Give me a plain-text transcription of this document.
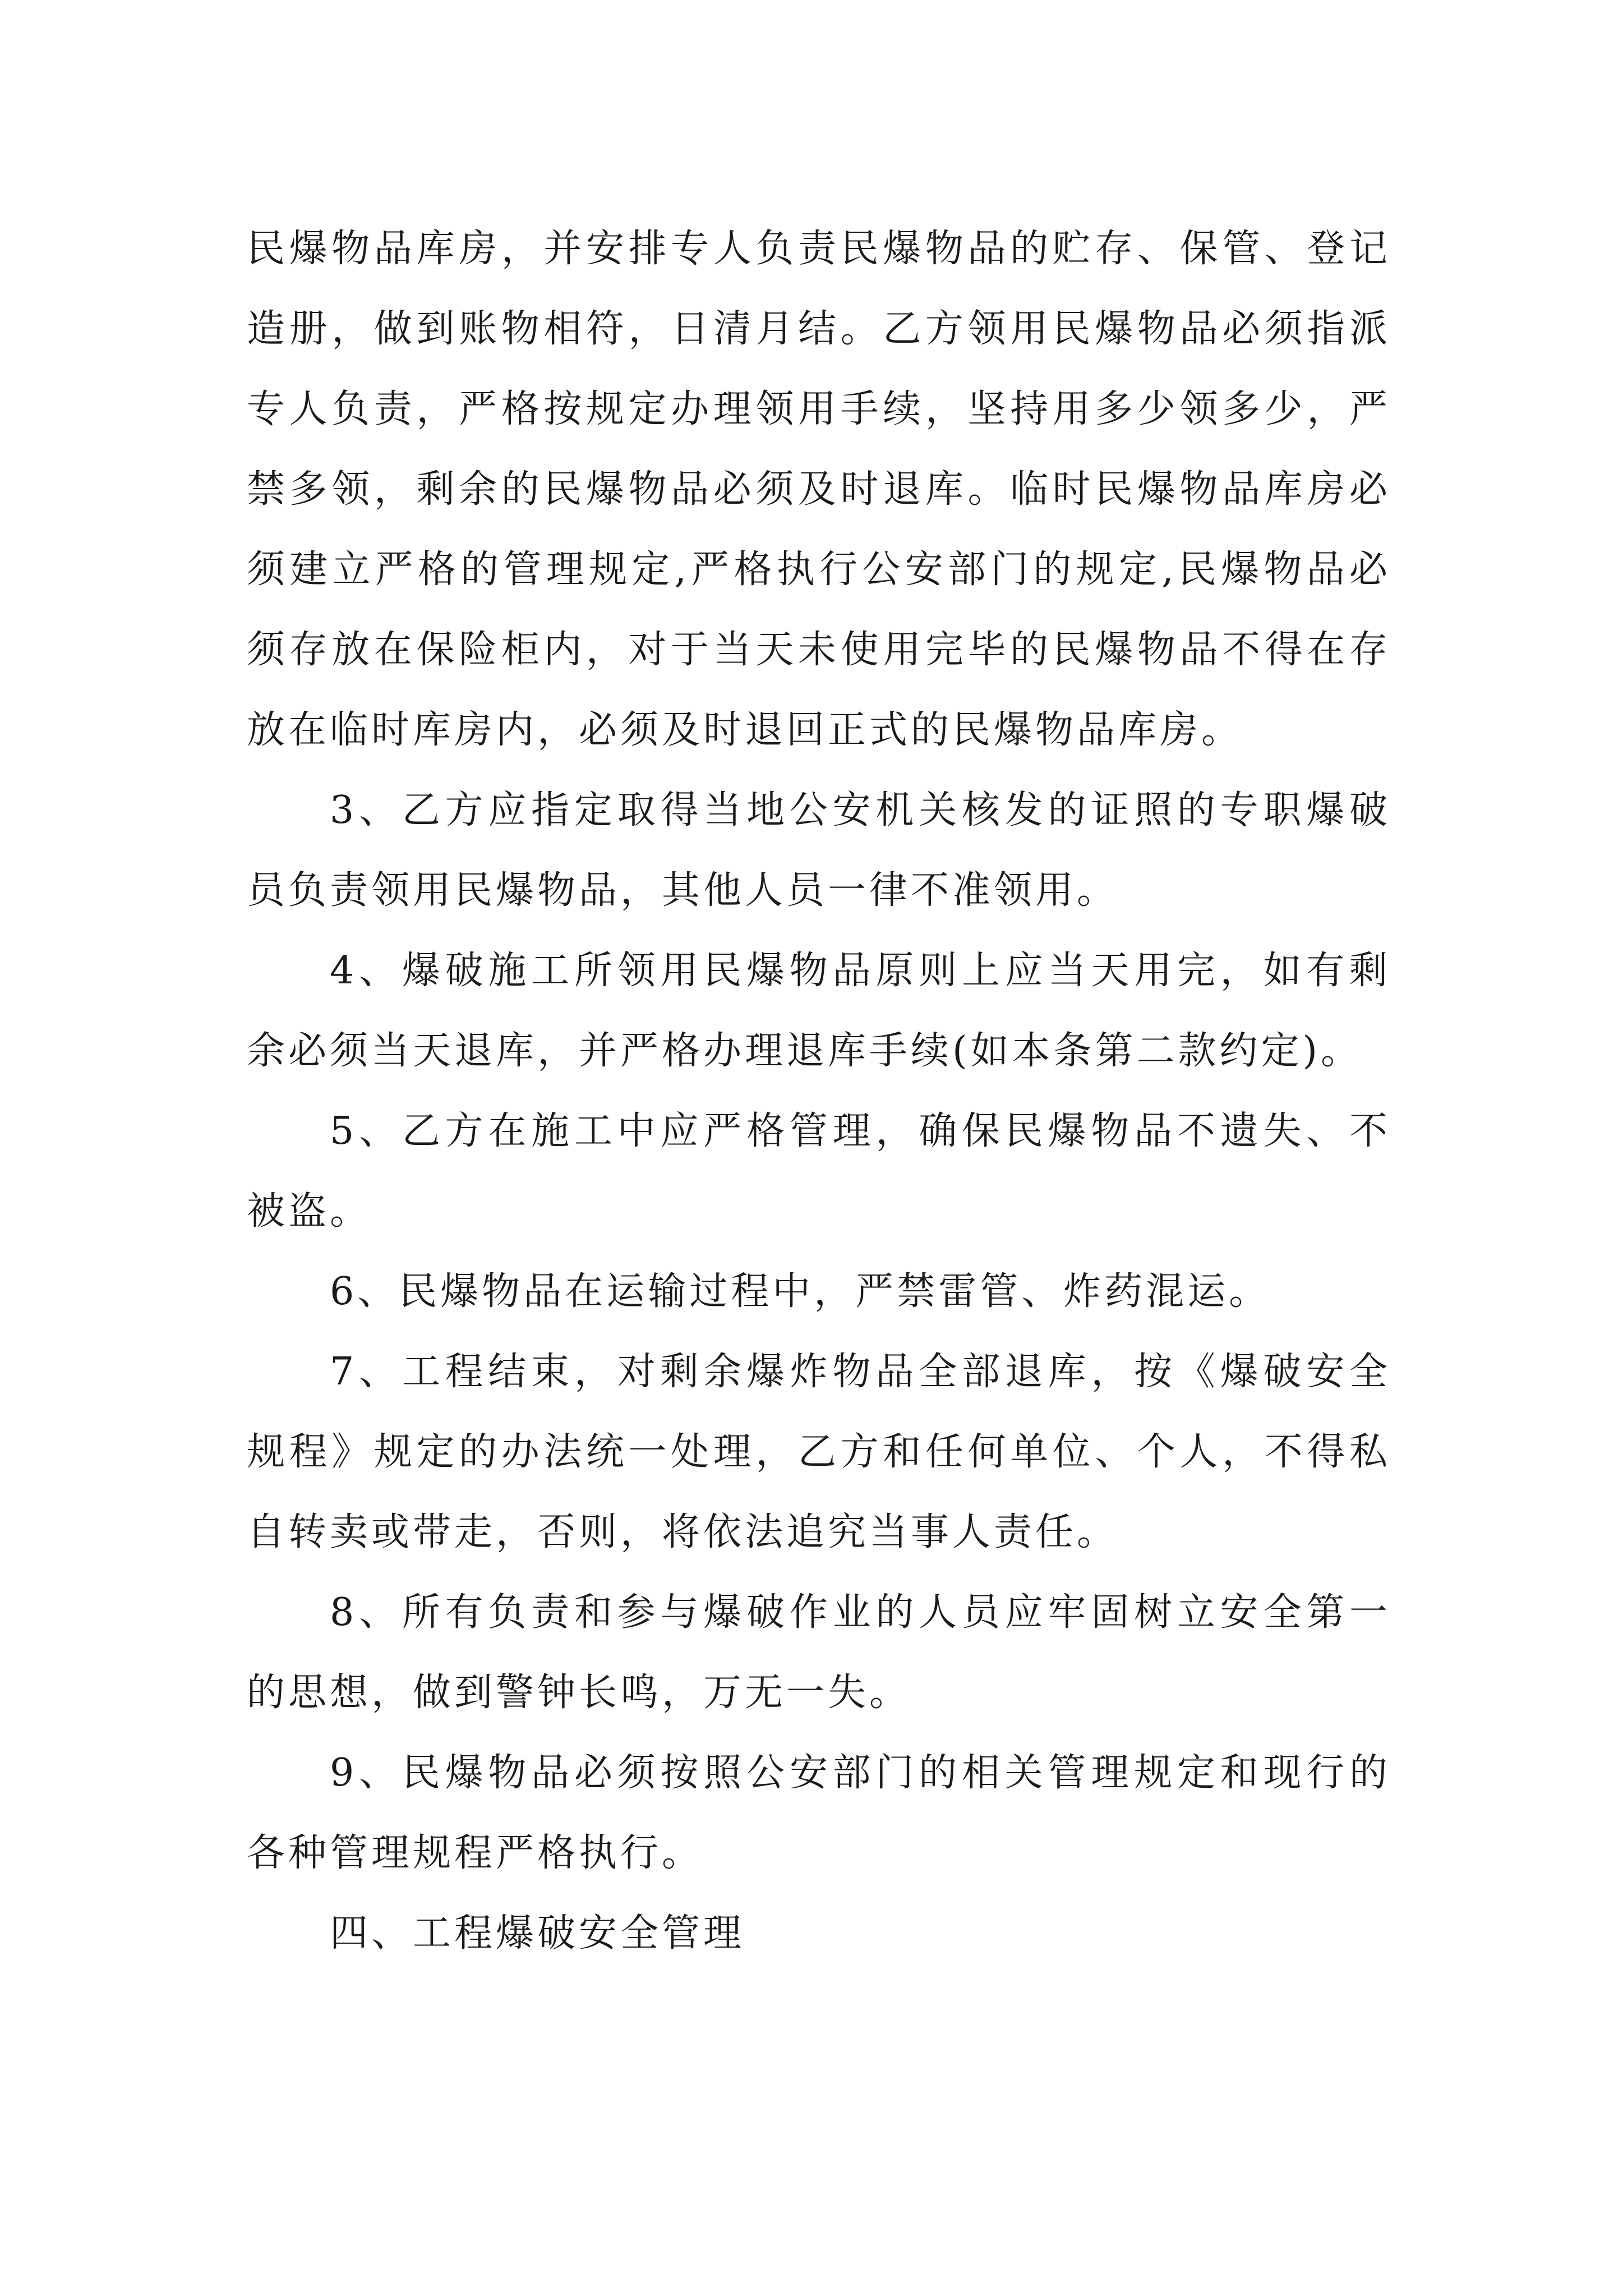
民爆物品库房，并安排专人负责民爆物品的贮存、保管、登记造册，做到账物相符，日清月结。乙方领用民爆物品必须指派专人负责，严格按规定办理领用手续，坚持用多少领多少，严禁多领，剩余的民爆物品必须及时退库。临时民爆物品库房必须建立严格的管理规定,严格执行公安部门的规定,民爆物品必须存放在保险柜内，对于当天未使用完毕的民爆物品不得在存放在临时库房内，必须及时退回正式的民爆物品库房。

3、乙方应指定取得当地公安机关核发的证照的专职爆破员负责领用民爆物品，其他人员一律不准领用。

4、爆破施工所领用民爆物品原则上应当天用完，如有剩余必须当天退库，并严格办理退库手续(如本条第二款约定)。

5、乙方在施工中应严格管理，确保民爆物品不遗失、不被盗。

6、民爆物品在运输过程中，严禁雷管、炸药混运。

7、工程结束，对剩余爆炸物品全部退库，按《爆破安全规程》规定的办法统一处理，乙方和任何单位、个人，不得私自转卖或带走，否则，将依法追究当事人责任。

8、所有负责和参与爆破作业的人员应牢固树立安全第一的思想，做到警钟长鸣，万无一失。

9、民爆物品必须按照公安部门的相关管理规定和现行的各种管理规程严格执行。

四、工程爆破安全管理
